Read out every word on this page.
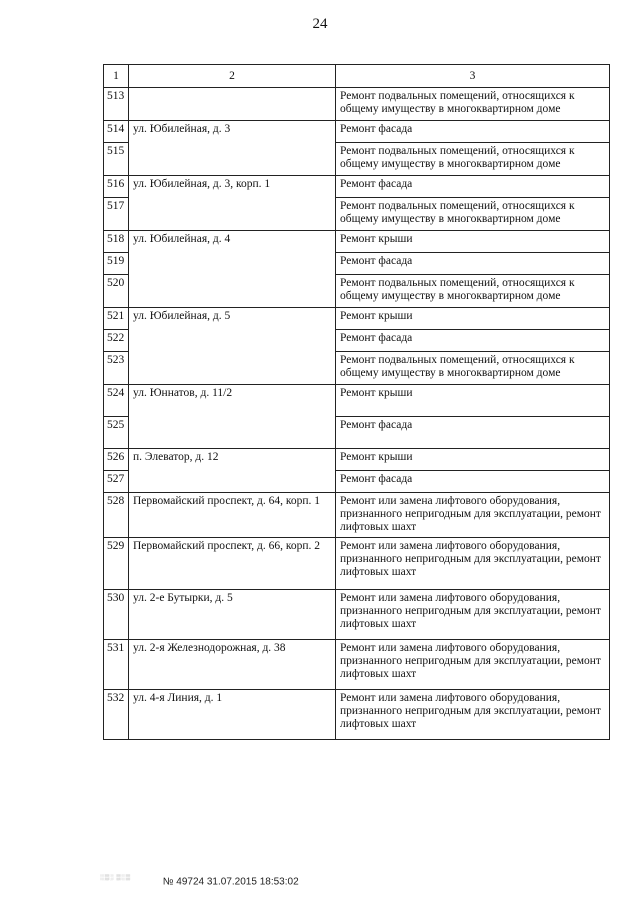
24
1	2	3
513		Ремонт подвальных помещений, относящихся к общему имуществу в многоквартирном доме
514	ул. Юбилейная, д. 3	Ремонт фасада
515		Ремонт подвальных помещений, относящихся к общему имуществу в многоквартирном доме
516	ул. Юбилейная, д. 3, корп. 1	Ремонт фасада
517		Ремонт подвальных помещений, относящихся к общему имуществу в многоквартирном доме
518	ул. Юбилейная, д. 4	Ремонт крыши
519		Ремонт фасада
520		Ремонт подвальных помещений, относящихся к общему имуществу в многоквартирном доме
521	ул. Юбилейная, д. 5	Ремонт крыши
522		Ремонт фасада
523		Ремонт подвальных помещений, относящихся к общему имуществу в многоквартирном доме
524	ул. Юннатов, д. 11/2	Ремонт крыши
525		Ремонт фасада
526	п. Элеватор, д. 12	Ремонт крыши
527		Ремонт фасада
528	Первомайский проспект, д. 64, корп. 1	Ремонт или замена лифтового оборудования, признанного непригодным для эксплуатации, ремонт лифтовых шахт
529	Первомайский проспект, д. 66, корп. 2	Ремонт или замена лифтового оборудования, признанного непригодным для эксплуатации, ремонт лифтовых шахт
530	ул. 2-е Бутырки, д. 5	Ремонт или замена лифтового оборудования, признанного непригодным для эксплуатации, ремонт лифтовых шахт
531	ул. 2-я Железнодорожная, д. 38	Ремонт или замена лифтового оборудования, признанного непригодным для эксплуатации, ремонт лифтовых шахт
532	ул. 4-я Линия, д. 1	Ремонт или замена лифтового оборудования, признанного непригодным для эксплуатации, ремонт лифтовых шахт
░▒░ ▒░▒	№ 49724 31.07.2015 18:53:02
